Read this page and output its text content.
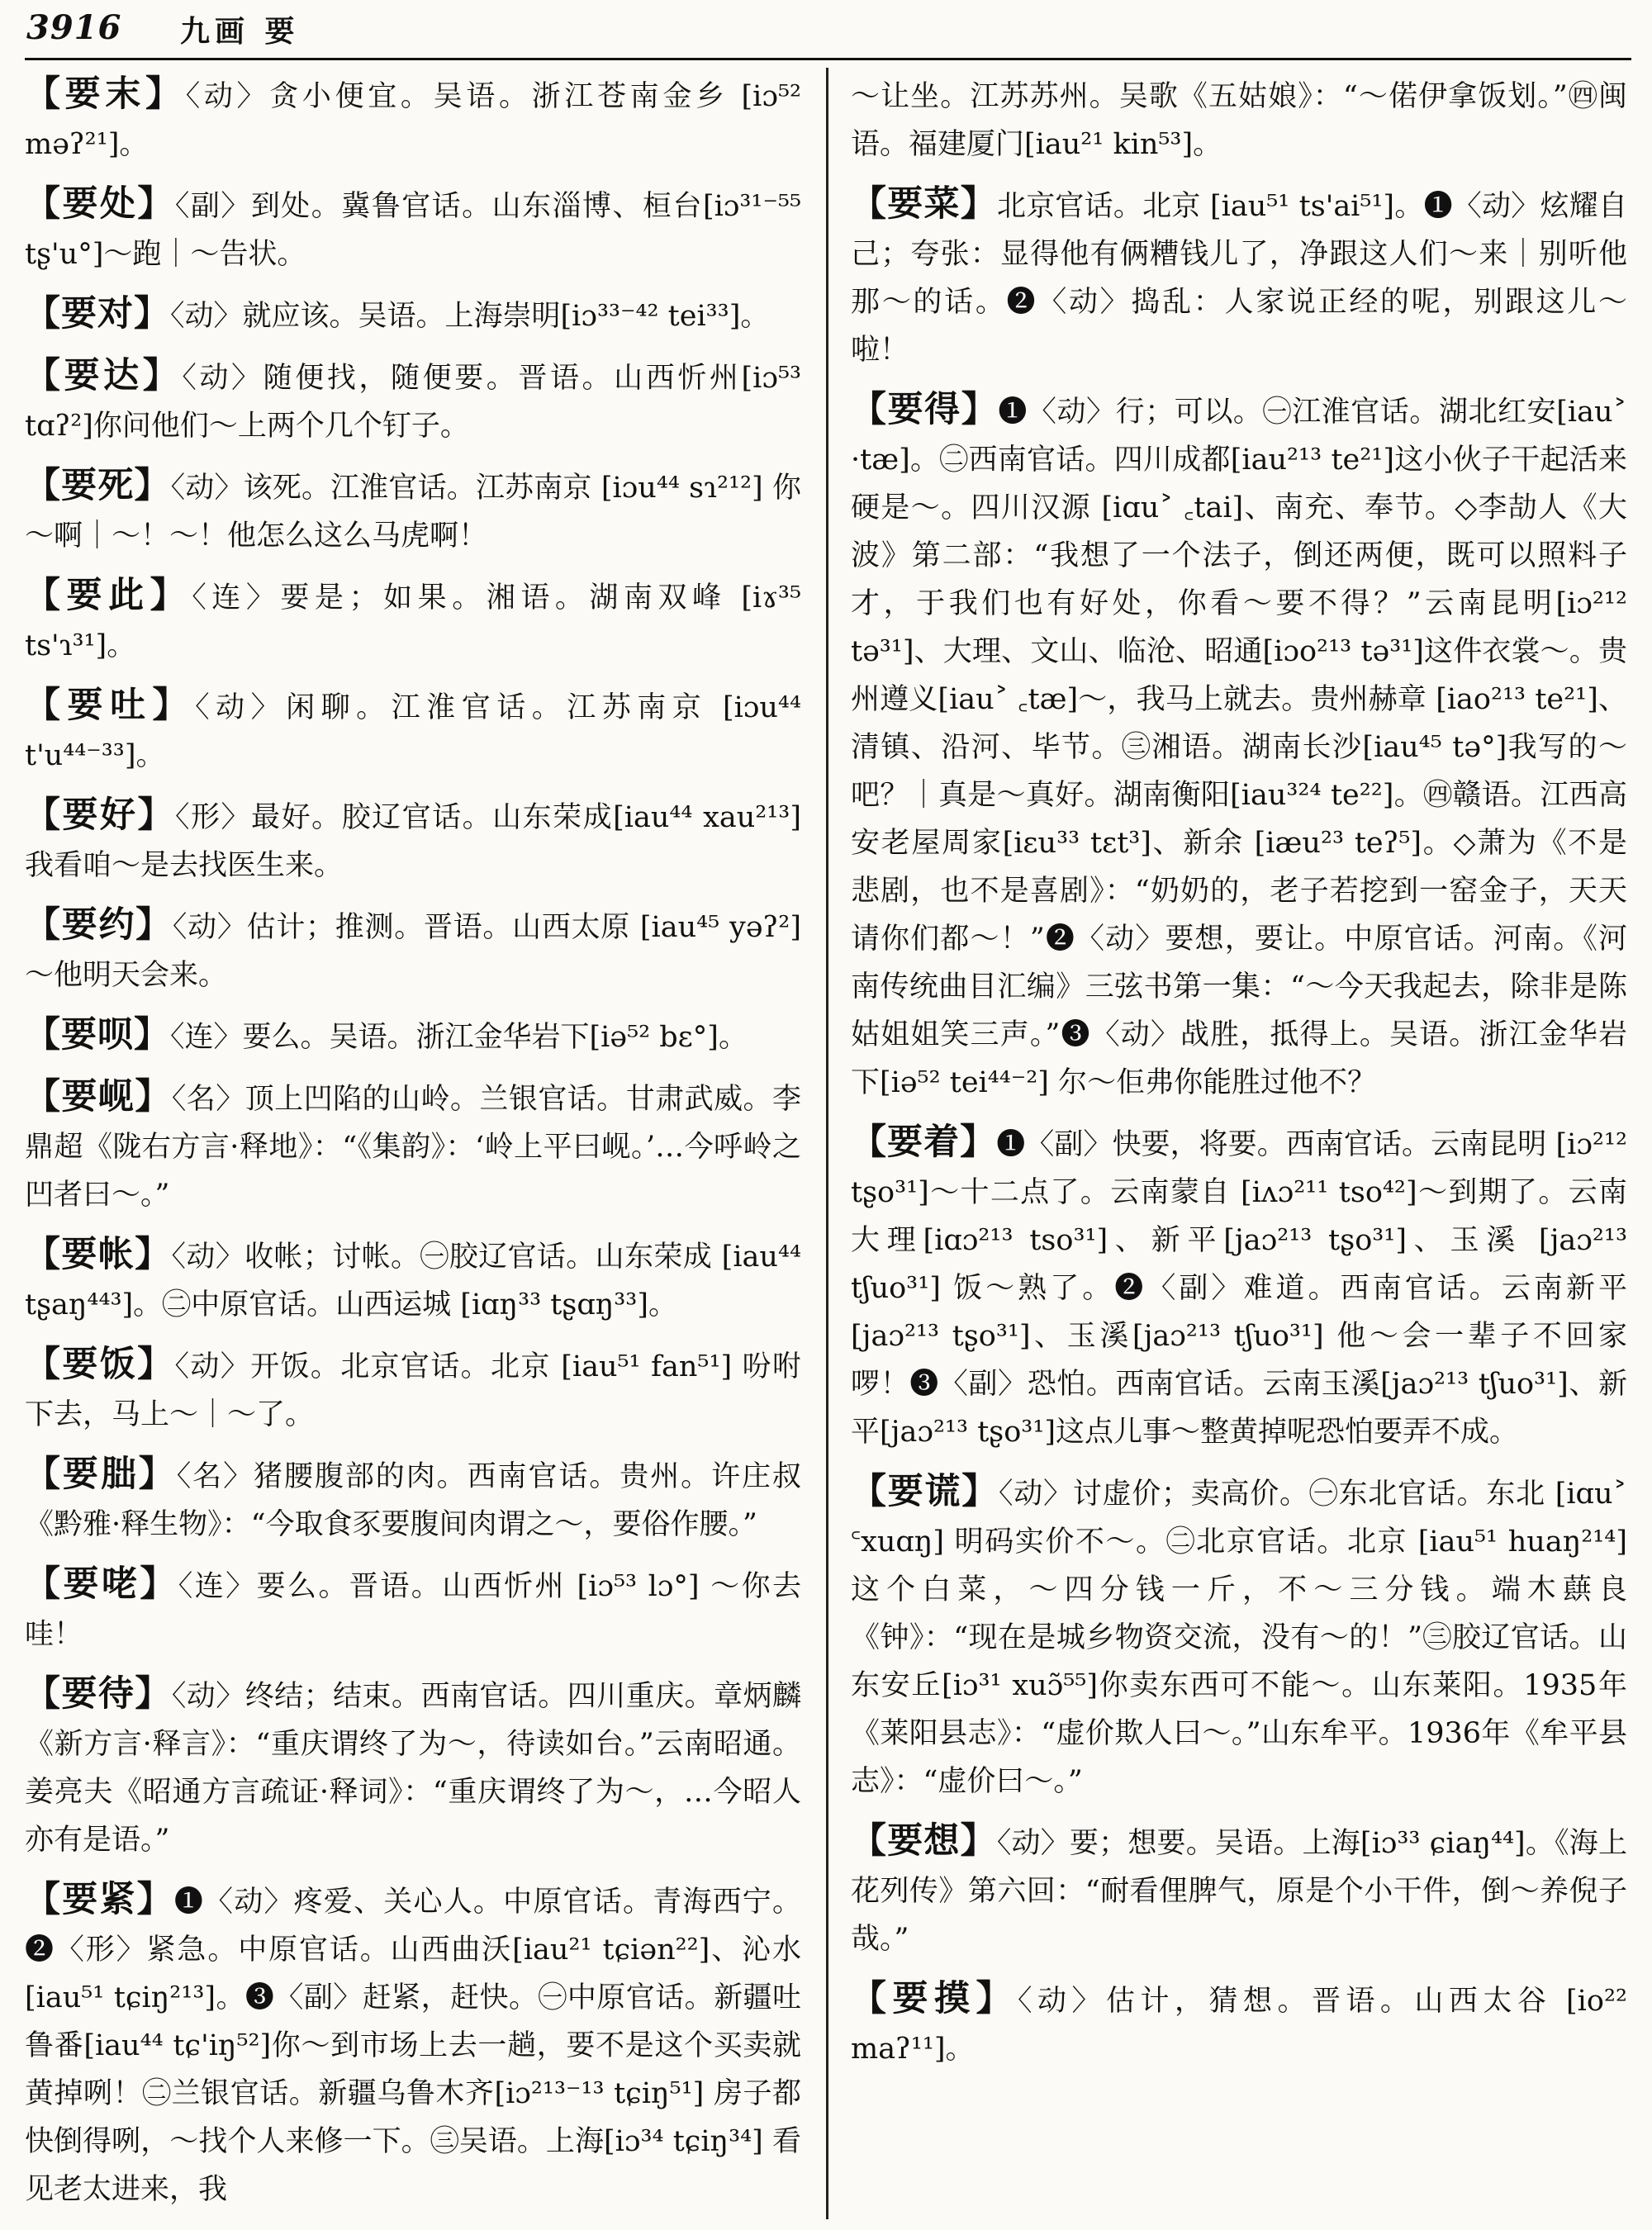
3916 九画 要
【要末】〈动〉贪小便宜。吴语。浙江苍南金乡 [iɔ⁵² məʔ²¹]。
【要处】〈副〉到处。冀鲁官话。山东淄博、桓台[iɔ³¹⁻⁵⁵ tʂ'u°]～跑｜～告状。
【要对】〈动〉就应该。吴语。上海崇明[iɔ³³⁻⁴² tei³³]。
【要达】〈动〉随便找，随便要。晋语。山西忻州[iɔ⁵³ tɑʔ²]你问他们～上两个几个钉子。
【要死】〈动〉该死。江淮官话。江苏南京 [iɔu⁴⁴ sɿ²¹²] 你～啊｜～！～！他怎么这么马虎啊！
【要此】〈连〉要是；如果。湘语。湖南双峰 [iɤ³⁵ ts'ɿ³¹]。
【要吐】〈动〉闲聊。江淮官话。江苏南京 [iɔu⁴⁴ t'u⁴⁴⁻³³]。
【要好】〈形〉最好。胶辽官话。山东荣成[iau⁴⁴ xau²¹³] 我看咱～是去找医生来。
【要约】〈动〉估计；推测。晋语。山西太原 [iau⁴⁵ yəʔ²] ～他明天会来。
【要呗】〈连〉要么。吴语。浙江金华岩下[iə⁵² bɛ°]。
【要岘】〈名〉顶上凹陷的山岭。兰银官话。甘肃武威。李鼎超《陇右方言·释地》：“《集韵》：‘岭上平曰岘。’…今呼岭之凹者曰～。”
【要帐】〈动〉收帐；讨帐。㊀胶辽官话。山东荣成 [iau⁴⁴ tʂaŋ⁴⁴³]。㊁中原官话。山西运城 [iɑŋ³³ tʂɑŋ³³]。
【要饭】〈动〉开饭。北京官话。北京 [iau⁵¹ fan⁵¹] 吩咐下去，马上～｜～了。
【要朏】〈名〉猪腰腹部的肉。西南官话。贵州。许庄叔《黔雅·释生物》：“今取食豕要腹间肉谓之～，要俗作腰。”
【要咾】〈连〉要么。晋语。山西忻州 [iɔ⁵³ lɔ°] ～你去哇！
【要待】〈动〉终结；结束。西南官话。四川重庆。章炳麟《新方言·释言》：“重庆谓终了为～，待读如台。”云南昭通。姜亮夫《昭通方言疏证·释词》：“重庆谓终了为～，…今昭人亦有是语。”
【要紧】❶〈动〉疼爱、关心人。中原官话。青海西宁。❷〈形〉紧急。中原官话。山西曲沃[iau²¹ tɕiən²²]、沁水[iau⁵¹ tɕiŋ²¹³]。❸〈副〉赶紧，赶快。㊀中原官话。新疆吐鲁番[iau⁴⁴ tɕ'iŋ⁵²]你～到市场上去一趟，要不是这个买卖就黄掉咧！㊁兰银官话。新疆乌鲁木齐[iɔ²¹³⁻¹³ tɕiŋ⁵¹] 房子都快倒得咧，～找个人来修一下。㊂吴语。上海[iɔ³⁴ tɕiŋ³⁴] 看见老太进来，我
～让坐。江苏苏州。吴歌《五姑娘》：“～偌伊拿饭划。”㊃闽语。福建厦门[iau²¹ kin⁵³]。
【要菜】北京官话。北京 [iau⁵¹ ts'ai⁵¹]。❶〈动〉炫耀自己；夸张：显得他有俩糟钱儿了，净跟这人们～来｜别听他那～的话。❷〈动〉捣乱：人家说正经的呢，别跟这儿～啦！
【要得】❶〈动〉行；可以。㊀江淮官话。湖北红安[iau˃ ·tæ]。㊁西南官话。四川成都[iau²¹³ te²¹]这小伙子干起活来硬是～。四川汉源 [iɑu˃ ꜀tai]、南充、奉节。◇李劼人《大波》第二部：“我想了一个法子，倒还两便，既可以照料子才，于我们也有好处，你看～要不得？”云南昆明[iɔ²¹² tə³¹]、大理、文山、临沧、昭通[iɔo²¹³ tə³¹]这件衣裳～。贵州遵义[iau˃ ꜀tæ]～，我马上就去。贵州赫章 [iao²¹³ te²¹]、清镇、沿河、毕节。㊂湘语。湖南长沙[iau⁴⁵ tə°]我写的～吧？｜真是～真好。湖南衡阳[iau³²⁴ te²²]。㊃赣语。江西高安老屋周家[iɛu³³ tɛt³]、新余 [iæu²³ teʔ⁵]。◇萧为《不是悲剧，也不是喜剧》：“奶奶的，老子若挖到一窑金子，天天请你们都～！”❷〈动〉要想，要让。中原官话。河南。《河南传统曲目汇编》三弦书第一集：“～今天我起去，除非是陈姑姐姐笑三声。”❸〈动〉战胜，抵得上。吴语。浙江金华岩下[iə⁵² tei⁴⁴⁻²] 尔～佢弗你能胜过他不？
【要着】❶〈副〉快要，将要。西南官话。云南昆明 [iɔ²¹² tʂo³¹]～十二点了。云南蒙自 [iʌɔ²¹¹ tso⁴²]～到期了。云南大理[iɑɔ²¹³ tso³¹]、新平[jaɔ²¹³ tʂo³¹]、玉溪 [jaɔ²¹³ tʃuo³¹] 饭～熟了。❷〈副〉难道。西南官话。云南新平[jaɔ²¹³ tʂo³¹]、玉溪[jaɔ²¹³ tʃuo³¹] 他～会一辈子不回家啰！❸〈副〉恐怕。西南官话。云南玉溪[jaɔ²¹³ tʃuo³¹]、新平[jaɔ²¹³ tʂo³¹]这点儿事～整黄掉呢恐怕要弄不成。
【要谎】〈动〉讨虚价；卖高价。㊀东北官话。东北 [iɑu˃ ꜂xuɑŋ] 明码实价不～。㊁北京官话。北京 [iau⁵¹ huaŋ²¹⁴] 这个白菜，～四分钱一斤，不～三分钱。端木蕻良《钟》：“现在是城乡物资交流，没有～的！”㊂胶辽官话。山东安丘[iɔ³¹ xuɔ̃⁵⁵]你卖东西可不能～。山东莱阳。1935年《莱阳县志》：“虚价欺人曰～。”山东牟平。1936年《牟平县志》：“虚价曰～。”
【要想】〈动〉要；想要。吴语。上海[iɔ³³ ɕiaŋ⁴⁴]。《海上花列传》第六回：“耐看俚脾气，原是个小干件，倒～养倪子哉。”
【要摸】〈动〉估计，猜想。晋语。山西太谷 [io²² maʔ¹¹]。
